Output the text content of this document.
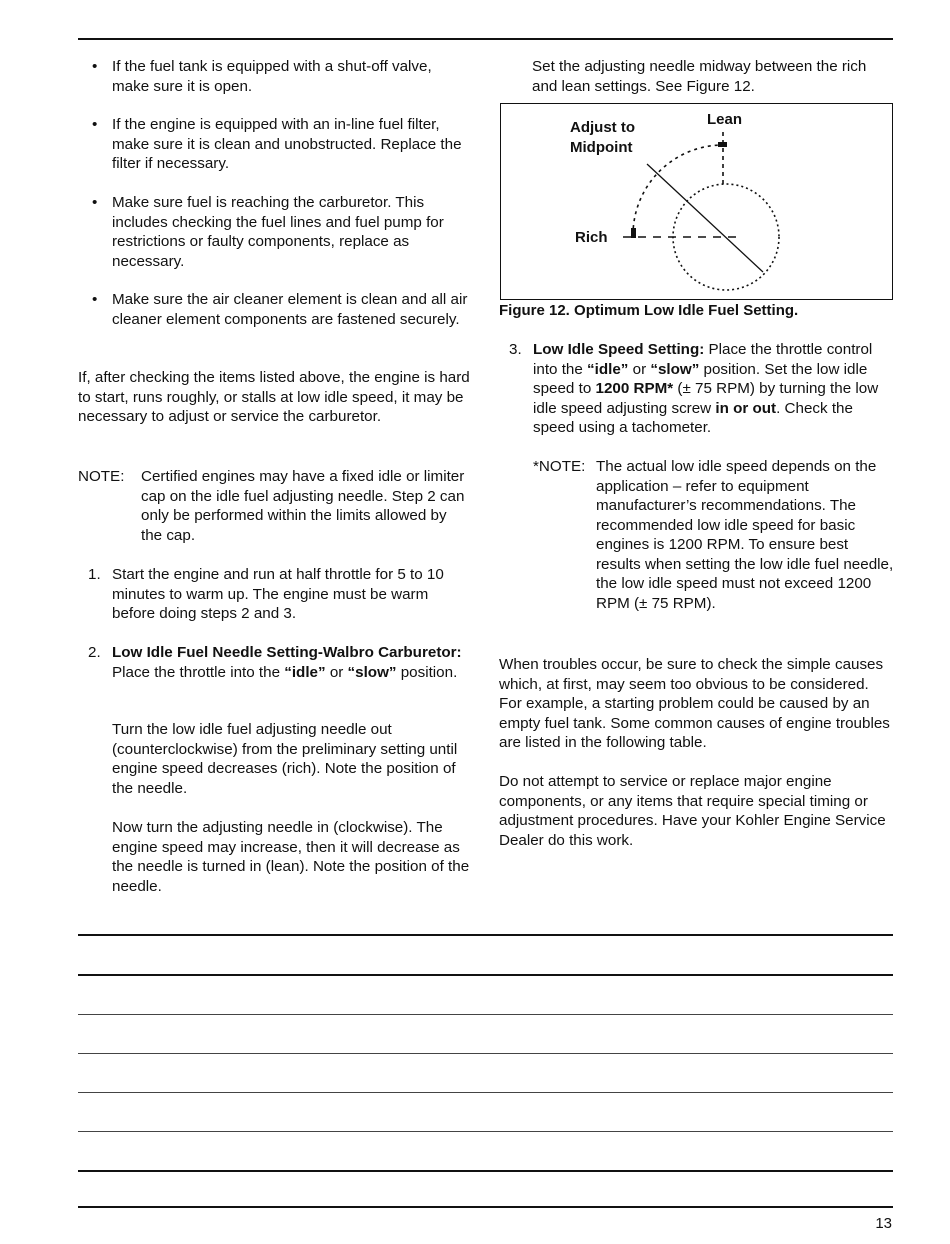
• If the fuel tank is equipped with a shut-off valve, make sure it is open.

• If the engine is equipped with an in-line fuel filter, make sure it is clean and unobstructed. Replace the filter if necessary.

• Make sure fuel is reaching the carburetor. This includes checking the fuel lines and fuel pump for restrictions or faulty components, replace as necessary.

• Make sure the air cleaner element is clean and all air cleaner element components are fastened securely.

If, after checking the items listed above, the engine is hard to start, runs roughly, or stalls at low idle speed, it may be necessary to adjust or service the carburetor.

NOTE: Certified engines may have a fixed idle or limiter cap on the idle fuel adjusting needle. Step 2 can only be performed within the limits allowed by the cap.

1. Start the engine and run at half throttle for 5 to 10 minutes to warm up. The engine must be warm before doing steps 2 and 3.

2. Low Idle Fuel Needle Setting-Walbro Carburetor: Place the throttle into the “idle” or “slow” position.

Turn the low idle fuel adjusting needle out (counterclockwise) from the preliminary setting until engine speed decreases (rich). Note the position of the needle.

Now turn the adjusting needle in (clockwise). The engine speed may increase, then it will decrease as the needle is turned in (lean). Note the position of the needle.

Set the adjusting needle midway between the rich and lean settings. See Figure 12.

Adjust to
Midpoint
Lean
Rich
Figure 12. Optimum Low Idle Fuel Setting.
3. Low Idle Speed Setting: Place the throttle control into the “idle” or “slow” position. Set the low idle speed to 1200 RPM* (± 75 RPM) by turning the low idle speed adjusting screw in or out. Check the speed using a tachometer.

*NOTE: The actual low idle speed depends on the application – refer to equipment manufacturer’s recommendations. The recommended low idle speed for basic engines is 1200 RPM. To ensure best results when setting the low idle fuel needle, the low idle speed must not exceed 1200 RPM (± 75 RPM).

When troubles occur, be sure to check the simple causes which, at first, may seem too obvious to be considered. For example, a starting problem could be caused by an empty fuel tank. Some common causes of engine troubles are listed in the following table.

Do not attempt to service or replace major engine components, or any items that require special timing or adjustment procedures. Have your Kohler Engine Service Dealer do this work.

13
